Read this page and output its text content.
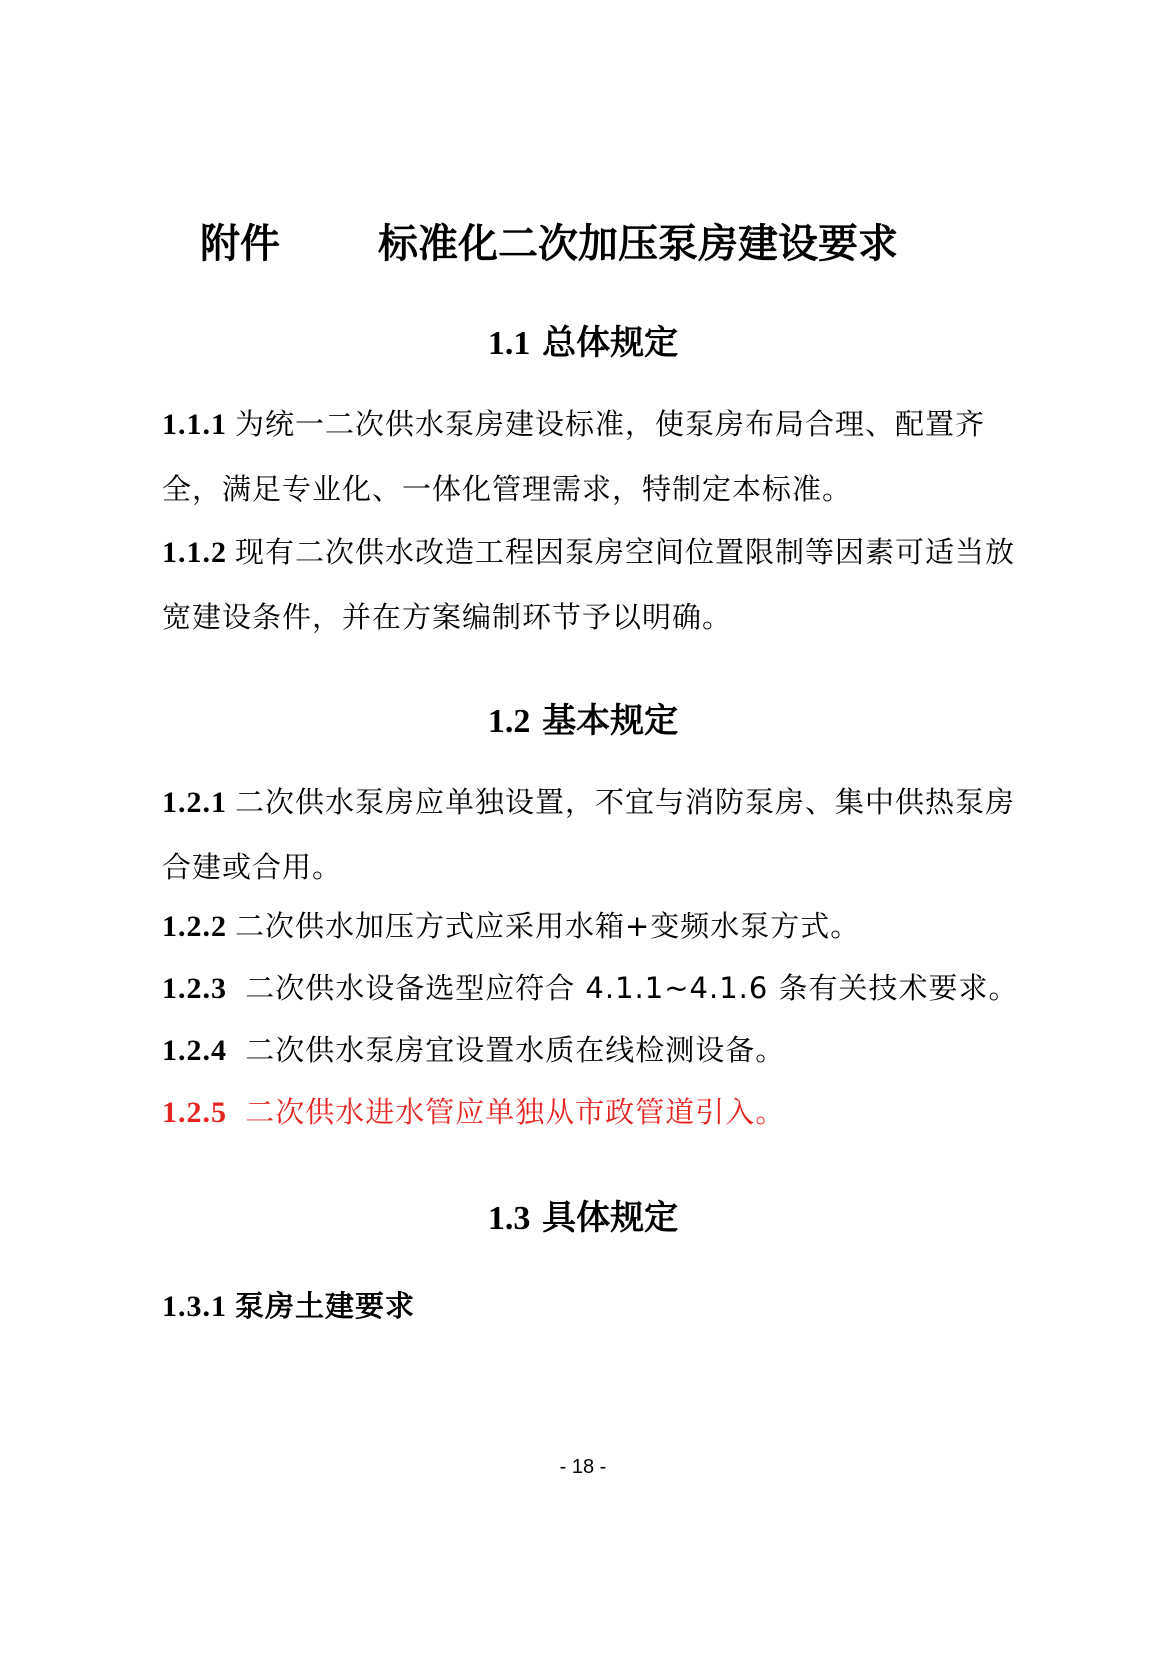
附件 标准化二次加压泵房建设要求
1.1 总体规定
1.1.1 为统一二次供水泵房建设标准，使泵房布局合理、配置齐全，满足专业化、一体化管理需求，特制定本标准。
1.1.2 现有二次供水改造工程因泵房空间位置限制等因素可适当放宽建设条件，并在方案编制环节予以明确。
1.2 基本规定
1.2.1 二次供水泵房应单独设置，不宜与消防泵房、集中供热泵房合建或合用。
1.2.2 二次供水加压方式应采用水箱+变频水泵方式。
1.2.3 二次供水设备选型应符合 4.1.1~4.1.6 条有关技术要求。
1.2.4 二次供水泵房宜设置水质在线检测设备。
1.2.5 二次供水进水管应单独从市政管道引入。
1.3 具体规定
1.3.1 泵房土建要求
- 18 -
